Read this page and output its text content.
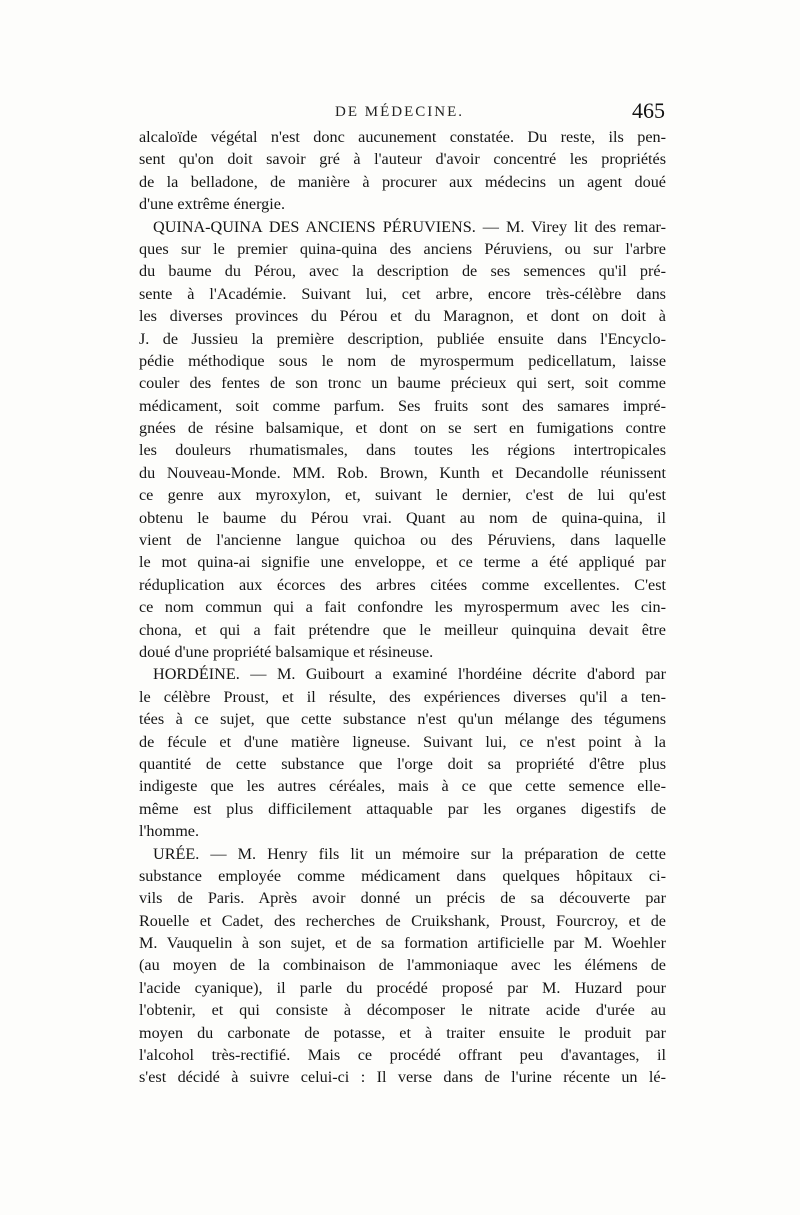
DE MÉDECINE.	465
alcaloïde végétal n'est donc aucunement constatée. Du reste, ils pen-
sent qu'on doit savoir gré à l'auteur d'avoir concentré les propriétés
de la belladone, de manière à procurer aux médecins un agent doué
d'une extrême énergie.
QUINA-QUINA DES ANCIENS PÉRUVIENS. — M. Virey lit des remar-
ques sur le premier quina-quina des anciens Péruviens, ou sur l'arbre
du baume du Pérou, avec la description de ses semences qu'il pré-
sente à l'Académie. Suivant lui, cet arbre, encore très-célèbre dans
les diverses provinces du Pérou et du Maragnon, et dont on doit à
J. de Jussieu la première description, publiée ensuite dans l'Encyclo-
pédie méthodique sous le nom de myrospermum pedicellatum, laisse
couler des fentes de son tronc un baume précieux qui sert, soit comme
médicament, soit comme parfum. Ses fruits sont des samares impré-
gnées de résine balsamique, et dont on se sert en fumigations contre
les douleurs rhumatismales, dans toutes les régions intertropicales
du Nouveau-Monde. MM. Rob. Brown, Kunth et Decandolle réunissent
ce genre aux myroxylon, et, suivant le dernier, c'est de lui qu'est
obtenu le baume du Pérou vrai. Quant au nom de quina-quina, il
vient de l'ancienne langue quichoa ou des Péruviens, dans laquelle
le mot quina-ai signifie une enveloppe, et ce terme a été appliqué par
réduplication aux écorces des arbres citées comme excellentes. C'est
ce nom commun qui a fait confondre les myrospermum avec les cin-
chona, et qui a fait prétendre que le meilleur quinquina devait être
doué d'une propriété balsamique et résineuse.
HORDÉINE. — M. Guibourt a examiné l'hordéine décrite d'abord par
le célèbre Proust, et il résulte, des expériences diverses qu'il a ten-
tées à ce sujet, que cette substance n'est qu'un mélange des tégumens
de fécule et d'une matière ligneuse. Suivant lui, ce n'est point à la
quantité de cette substance que l'orge doit sa propriété d'être plus
indigeste que les autres céréales, mais à ce que cette semence elle-
même est plus difficilement attaquable par les organes digestifs de
l'homme.
URÉE. — M. Henry fils lit un mémoire sur la préparation de cette
substance employée comme médicament dans quelques hôpitaux ci-
vils de Paris. Après avoir donné un précis de sa découverte par
Rouelle et Cadet, des recherches de Cruikshank, Proust, Fourcroy, et de
M. Vauquelin à son sujet, et de sa formation artificielle par M. Woehler
(au moyen de la combinaison de l'ammoniaque avec les élémens de
l'acide cyanique), il parle du procédé proposé par M. Huzard pour
l'obtenir, et qui consiste à décomposer le nitrate acide d'urée au
moyen du carbonate de potasse, et à traiter ensuite le produit par
l'alcohol très-rectifié. Mais ce procédé offrant peu d'avantages, il
s'est décidé à suivre celui-ci : Il verse dans de l'urine récente un lé-
